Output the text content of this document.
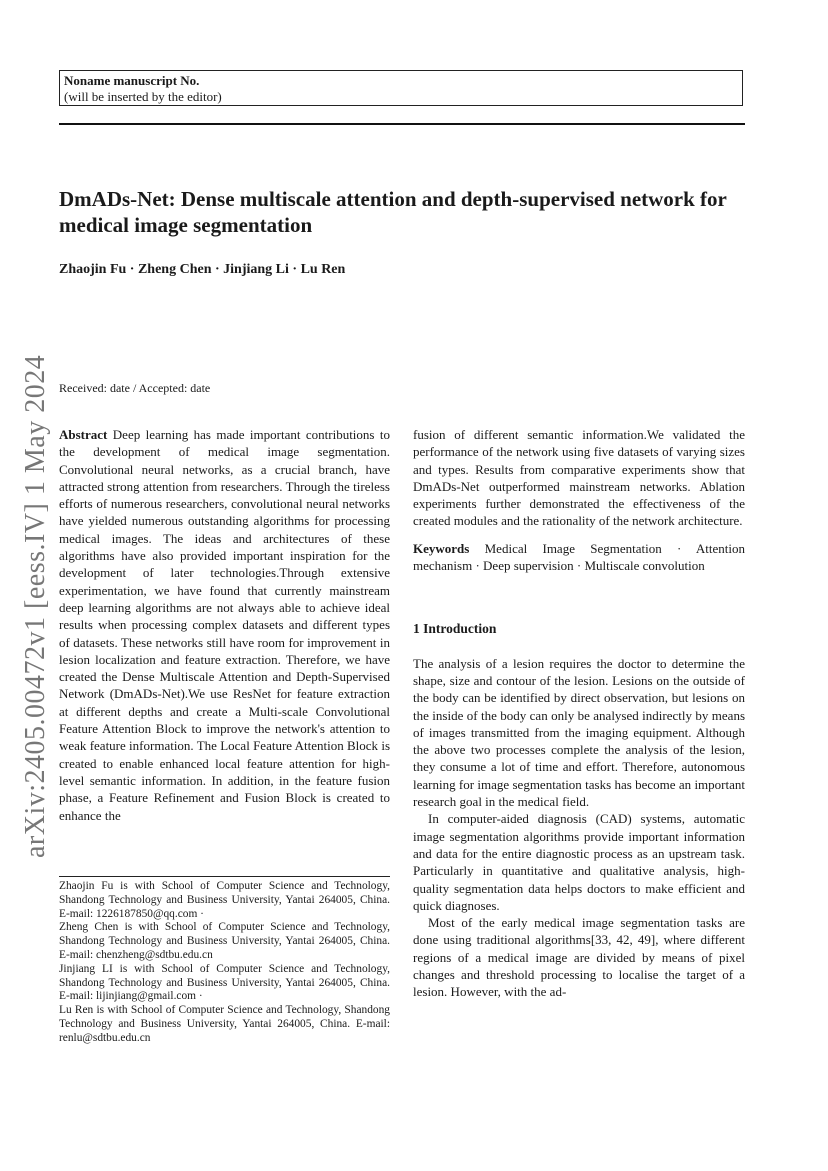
Noname manuscript No.
(will be inserted by the editor)
DmADs-Net: Dense multiscale attention and depth-supervised network for medical image segmentation
Zhaojin Fu · Zheng Chen · Jinjiang Li · Lu Ren
arXiv:2405.00472v1 [eess.IV] 1 May 2024 Received: date / Accepted: date

Abstract Deep learning has made important contributions to the development of medical image segmentation. Convolutional neural networks, as a crucial branch, have attracted strong attention from researchers. Through the tireless efforts of numerous researchers, convolutional neural networks have yielded numerous outstanding algorithms for processing medical images. The ideas and architectures of these algorithms have also provided important inspiration for the development of later technologies.Through extensive experimentation, we have found that currently mainstream deep learning algorithms are not always able to achieve ideal results when processing complex datasets and different types of datasets. These networks still have room for improvement in lesion localization and feature extraction. Therefore, we have created the Dense Multiscale Attention and Depth-Supervised Network (DmADs-Net).We use ResNet for feature extraction at different depths and create a Multi-scale Convolutional Feature Attention Block to improve the network's attention to weak feature information. The Local Feature Attention Block is created to enable enhanced local feature attention for high-level semantic information. In addition, in the feature fusion phase, a Feature Refinement and Fusion Block is created to enhance the

Zhaojin Fu is with School of Computer Science and Technology, Shandong Technology and Business University, Yantai 264005, China. E-mail: 1226187850@qq.com ·

Zheng Chen is with School of Computer Science and Technology, Shandong Technology and Business University, Yantai 264005, China. E-mail: chenzheng@sdtbu.edu.cn

Jinjiang LI is with School of Computer Science and Technology, Shandong Technology and Business University, Yantai 264005, China. E-mail: lijinjiang@gmail.com ·

Lu Ren is with School of Computer Science and Technology, Shandong Technology and Business University, Yantai 264005, China. E-mail: renlu@sdtbu.edu.cn

fusion of different semantic information.We validated the performance of the network using five datasets of varying sizes and types. Results from comparative experiments show that DmADs-Net outperformed mainstream networks. Ablation experiments further demonstrated the effectiveness of the created modules and the rationality of the network architecture.

Keywords Medical Image Segmentation · Attention mechanism · Deep supervision · Multiscale convolution

1 Introduction

The analysis of a lesion requires the doctor to determine the shape, size and contour of the lesion. Lesions on the outside of the body can be identified by direct observation, but lesions on the inside of the body can only be analysed indirectly by means of images transmitted from the imaging equipment. Although the above two processes complete the analysis of the lesion, they consume a lot of time and effort. Therefore, autonomous learning for image segmentation tasks has become an important research goal in the medical field.

In computer-aided diagnosis (CAD) systems, automatic image segmentation algorithms provide important information and data for the entire diagnostic process as an upstream task. Particularly in quantitative and qualitative analysis, high-quality segmentation data helps doctors to make efficient and quick diagnoses.

Most of the early medical image segmentation tasks are done using traditional algorithms[33, 42, 49], where different regions of a medical image are divided by means of pixel changes and threshold processing to localise the target of a lesion. However, with the ad-
